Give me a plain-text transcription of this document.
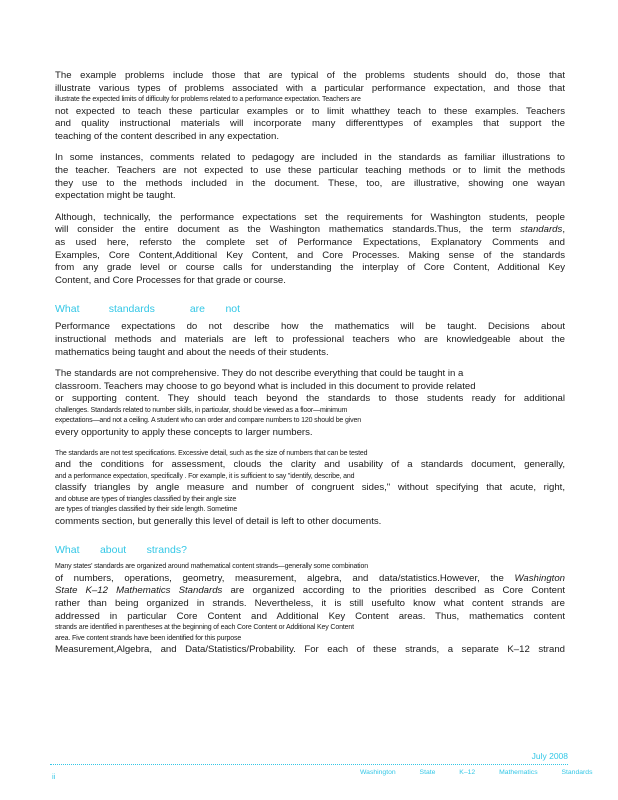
The example problems include those that are typical of the problems students should do, those that
illustrate various types of problems associated with a particular performance expectation, and those that
illustrate the expected limits of difficulty for problems related to a performance expectation. Teachers are
not expected to teach these particular examples or to limit whatthey teach to these examples. Teachers
and quality instructional materials will incorporate many differenttypes of examples that support the
teaching of the content described in any expectation.
In some instances, comments related to pedagogy are included in the standards as familiar illustrations to
the teacher. Teachers are not expected to use these particular teaching methods or to limit the methods
they use to the methods included in the document. These, too, are illustrative, showing one wayan
expectation might be taught.
Although, technically, the performance expectations set the requirements for Washington students, people
will consider the entire document as the Washington mathematics standards.Thus, the term standards,
as used here, refersto the complete set of Performance Expectations, Explanatory Comments and
Examples, Core Content,Additional Key Content, and Core Processes. Making sense of the standards
from any grade level or course calls for understanding the interplay of Core Content, Additional Key
Content, and Core Processes for that grade or course.
What	standards	are not
Performance expectations do not describe how the mathematics will be taught. Decisions about
instructional methods and materials are left to professional teachers who are knowledgeable about the
mathematics being taught and about the needs of their students.
The standards are not comprehensive. They do not describe everything that could be taught in a
classroom. Teachers may choose to go beyond what is included in this document to provide related
or supporting content. They should teach beyond the standards to those students ready for additional
challenges. Standards related to number skills, in particular, should be viewed as a floor—minimum
expectations—and not a ceiling. A student who can order and compare numbers to 120 should be given
every opportunity to apply these concepts to larger numbers.
The standards are not test specifications. Excessive detail, such as the size of numbers that can be tested
and the conditions for assessment, clouds the clarity and usability of a standards document, generally,
and a performance expectation, specifically . For example, it is sufficient to say "identify, describe, and
classify triangles by angle measure and number of congruent sides," without specifying that acute, right,
and obtuse are types of triangles classified by their angle size
are types of triangles classified by their side length. Sometime
comments section, but generally this level of detail is left to other documents.
What about strands?
Many states' standards are organized around mathematical content strands—generally some combination
of numbers, operations, geometry, measurement, algebra, and data/statistics.However, the Washington
State K–12 Mathematics Standards are organized according to the priorities described as Core Content
rather than being organized in strands. Nevertheless, it is still usefulto know what content strands are
addressed in particular Core Content and Additional Key Content areas. Thus, mathematics content
strands are identified in parentheses at the beginning of each Core Content or Additional Key Content
area. Five content strands have been identified for this purpose
Measurement,Algebra, and Data/Statistics/Probability. For each of these strands, a separate K–12 strand
July 2008
ii	Washington	State	K–12	Mathematics	Standards
